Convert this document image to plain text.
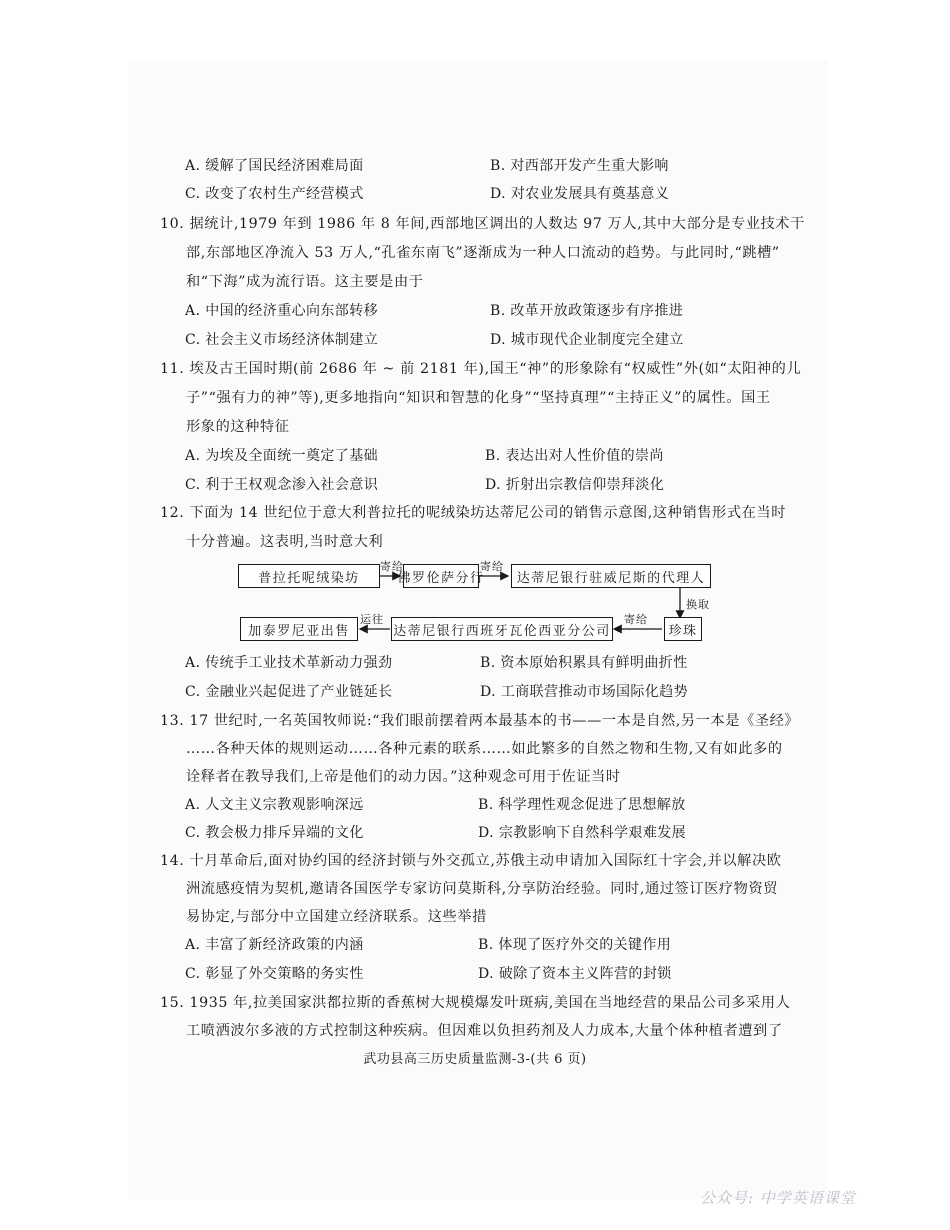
A. 缓解了国民经济困难局面	B. 对西部开发产生重大影响
C. 改变了农村生产经营模式	D. 对农业发展具有奠基意义
10. 据统计,1979 年到 1986 年 8 年间,西部地区调出的人数达 97 万人,其中大部分是专业技术干
部,东部地区净流入 53 万人,“孔雀东南飞”逐渐成为一种人口流动的趋势。与此同时,“跳槽”
和“下海”成为流行语。这主要是由于
A. 中国的经济重心向东部转移	B. 改革开放政策逐步有序推进
C. 社会主义市场经济体制建立	D. 城市现代企业制度完全建立
11. 埃及古王国时期(前 2686 年 ~ 前 2181 年),国王“神”的形象除有“权威性”外(如“太阳神的儿
子”“强有力的神”等),更多地指向“知识和智慧的化身”“坚持真理”“主持正义”的属性。国王
形象的这种特征
A. 为埃及全面统一奠定了基础	B. 表达出对人性价值的崇尚
C. 利于王权观念渗入社会意识	D. 折射出宗教信仰崇拜淡化
12. 下面为 14 世纪位于意大利普拉托的呢绒染坊达蒂尼公司的销售示意图,这种销售形式在当时
十分普遍。这表明,当时意大利
普拉托呢绒染坊	佛罗伦萨分行	达蒂尼银行驻威尼斯的代理人
珍珠
达蒂尼银行西班牙瓦伦西亚分公司
加泰罗尼亚出售
寄给	寄给
换取
寄给
运往
A. 传统手工业技术革新动力强劲	B. 资本原始积累具有鲜明曲折性
C. 金融业兴起促进了产业链延长	D. 工商联营推动市场国际化趋势
13. 17 世纪时,一名英国牧师说:“我们眼前摆着两本最基本的书——一本是自然,另一本是《圣经》
……各种天体的规则运动……各种元素的联系……如此繁多的自然之物和生物,又有如此多的
诠释者在教导我们,上帝是他们的动力因。”这种观念可用于佐证当时
A. 人文主义宗教观影响深远	B. 科学理性观念促进了思想解放
C. 教会极力排斥异端的文化	D. 宗教影响下自然科学艰难发展
14. 十月革命后,面对协约国的经济封锁与外交孤立,苏俄主动申请加入国际红十字会,并以解决欧
洲流感疫情为契机,邀请各国医学专家访问莫斯科,分享防治经验。同时,通过签订医疗物资贸
易协定,与部分中立国建立经济联系。这些举措
A. 丰富了新经济政策的内涵	B. 体现了医疗外交的关键作用
C. 彰显了外交策略的务实性	D. 破除了资本主义阵营的封锁
15. 1935 年,拉美国家洪都拉斯的香蕉树大规模爆发叶斑病,美国在当地经营的果品公司多采用人
工喷洒波尔多液的方式控制这种疾病。但因难以负担药剂及人力成本,大量个体种植者遭到了
武功县高三历史质量监测-3-(共 6 页)
公众号: 中学英语课堂
